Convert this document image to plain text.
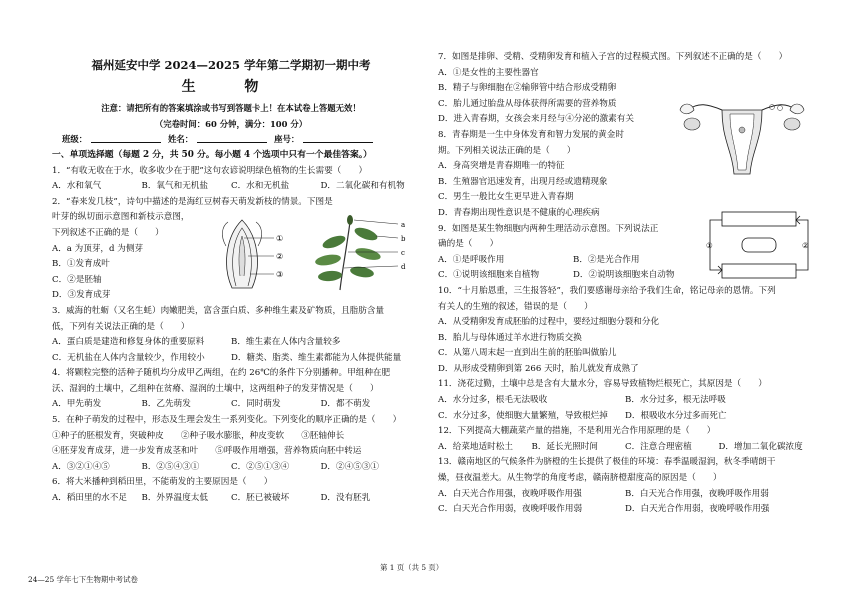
福州延安中学 2024—2025 学年第二学期初一期中考
生 物
注意：请把所有的答案填涂或书写到答题卡上！在本试卷上答题无效！
（完卷时间：60 分钟，满分：100 分）
班级：	姓名：	座号：
一、单项选择题（每题 2 分，共 50 分。每小题 4 个选项中只有一个最佳答案。）
1．“有收无收在于水，收多收少在于肥”这句农谚说明绿色植物的生长需要（　　）
A．水和氧气	B．氧气和无机盐	C．水和无机盐	D．二氧化碳和有机物
2．“春来发几枝”，诗句中描述的是海红豆树春天萌发新枝的情景。下图是
叶芽的纵切面示意图和新枝示意图，
下列叙述不正确的是（　　）
A．a 为顶芽，d 为侧芽
B．①发育成叶
C．②是胚轴
D．③发育成芽
3．威海的牡蛎（又名生蚝）肉嫩肥美，富含蛋白质、多种维生素及矿物质，且脂肪含量
低，下列有关说法正确的是（　　）
A．蛋白质是建造和修复身体的重要原料	B．维生素在人体内含量较多
C．无机盐在人体内含量较少，作用较小	D．糖类、脂类、维生素都能为人体提供能量
4．将颗粒完整的活种子随机均分成甲乙两组，在约 26℃的条件下分别播种。甲组种在肥
沃、湿润的土壤中，乙组种在贫瘠、湿润的土壤中，这两组种子的发芽情况是（　　）
A．甲先萌发	B．乙先萌发	C．同时萌发	D．都不萌发
5．在种子萌发的过程中，形态及生理会发生一系列变化。下列变化的顺序正确的是（　　）
①种子的胚根发育，突破种皮　　②种子吸水膨胀，种皮变软　　③胚轴伸长
④胚芽发育成芽，进一步发育成茎和叶　　⑤呼吸作用增强，营养物质向胚中转运
A．③②①④⑤	B．②⑤④③①	C．②⑤①③④	D．②④⑤③①
6．将大米播种到稻田里，不能萌发的主要原因是（　　）
A．稻田里的水不足	B．外界温度太低	C．胚已被破坏	D．没有胚乳
①
②
③
a
b
c
d
7．如图是排卵、受精、受精卵发育和植入子宫的过程模式图。下列叙述不正确的是（　　）
A．①是女性的主要性器官
B．精子与卵细胞在②输卵管中结合形成受精卵
C．胎儿通过胎盘从母体获得所需要的营养物质
D．进入青春期，女孩会来月经与④分泌的激素有关
8．青春期是一生中身体发育和智力发展的黄金时
期。下列相关说法正确的是（　　）
A．身高突增是青春期唯一的特征
B．生殖器官迅速发育，出现月经或遗精现象
C．男生一般比女生更早进入青春期
D．青春期出现性意识是不健康的心理疾病
9．如图是某生物细胞内两种生理活动示意图。下列说法正
确的是（　　）
A．①是呼吸作用	B．②是光合作用
C．①说明该细胞来自植物	D．②说明该细胞来自动物
10．“十月胎恩重，三生报答轻”，我们要感谢母亲给予我们生命，铭记母亲的恩情。下列
有关人的生殖的叙述，错误的是（　　）
A．从受精卵发育成胚胎的过程中，要经过细胞分裂和分化
B．胎儿与母体通过羊水进行物质交换
C．从第八周末起一直到出生前的胚胎叫做胎儿
D．从形成受精卵到第 266 天时，胎儿就发育成熟了
11．浇花过勤，土壤中总是含有大量水分，容易导致植物烂根死亡，其原因是（　　）
A．水分过多，根毛无法吸收	B．水分过多，根无法呼吸
C．水分过多，使细胞大量繁殖，导致根烂掉	D．根吸收水分过多而死亡
12．下列提高大棚蔬菜产量的措施，不是利用光合作用原理的是（　　）
A．给菜地适时松土	B．延长光照时间	C．注意合理密植	D．增加二氧化碳浓度
13．赣南地区的气候条件为脐橙的生长提供了极佳的环境：春季温暖湿润，秋冬季晴朗干
燥，昼夜温差大。从生物学的角度考虑，赣南脐橙甜度高的原因是（　　）
A．白天光合作用强，夜晚呼吸作用强	B．白天光合作用强，夜晚呼吸作用弱
C．白天光合作用弱，夜晚呼吸作用弱	D．白天光合作用弱，夜晚呼吸作用强
①	②
第 1 页（共 5 页）
24—25 学年七下生物期中考试卷
